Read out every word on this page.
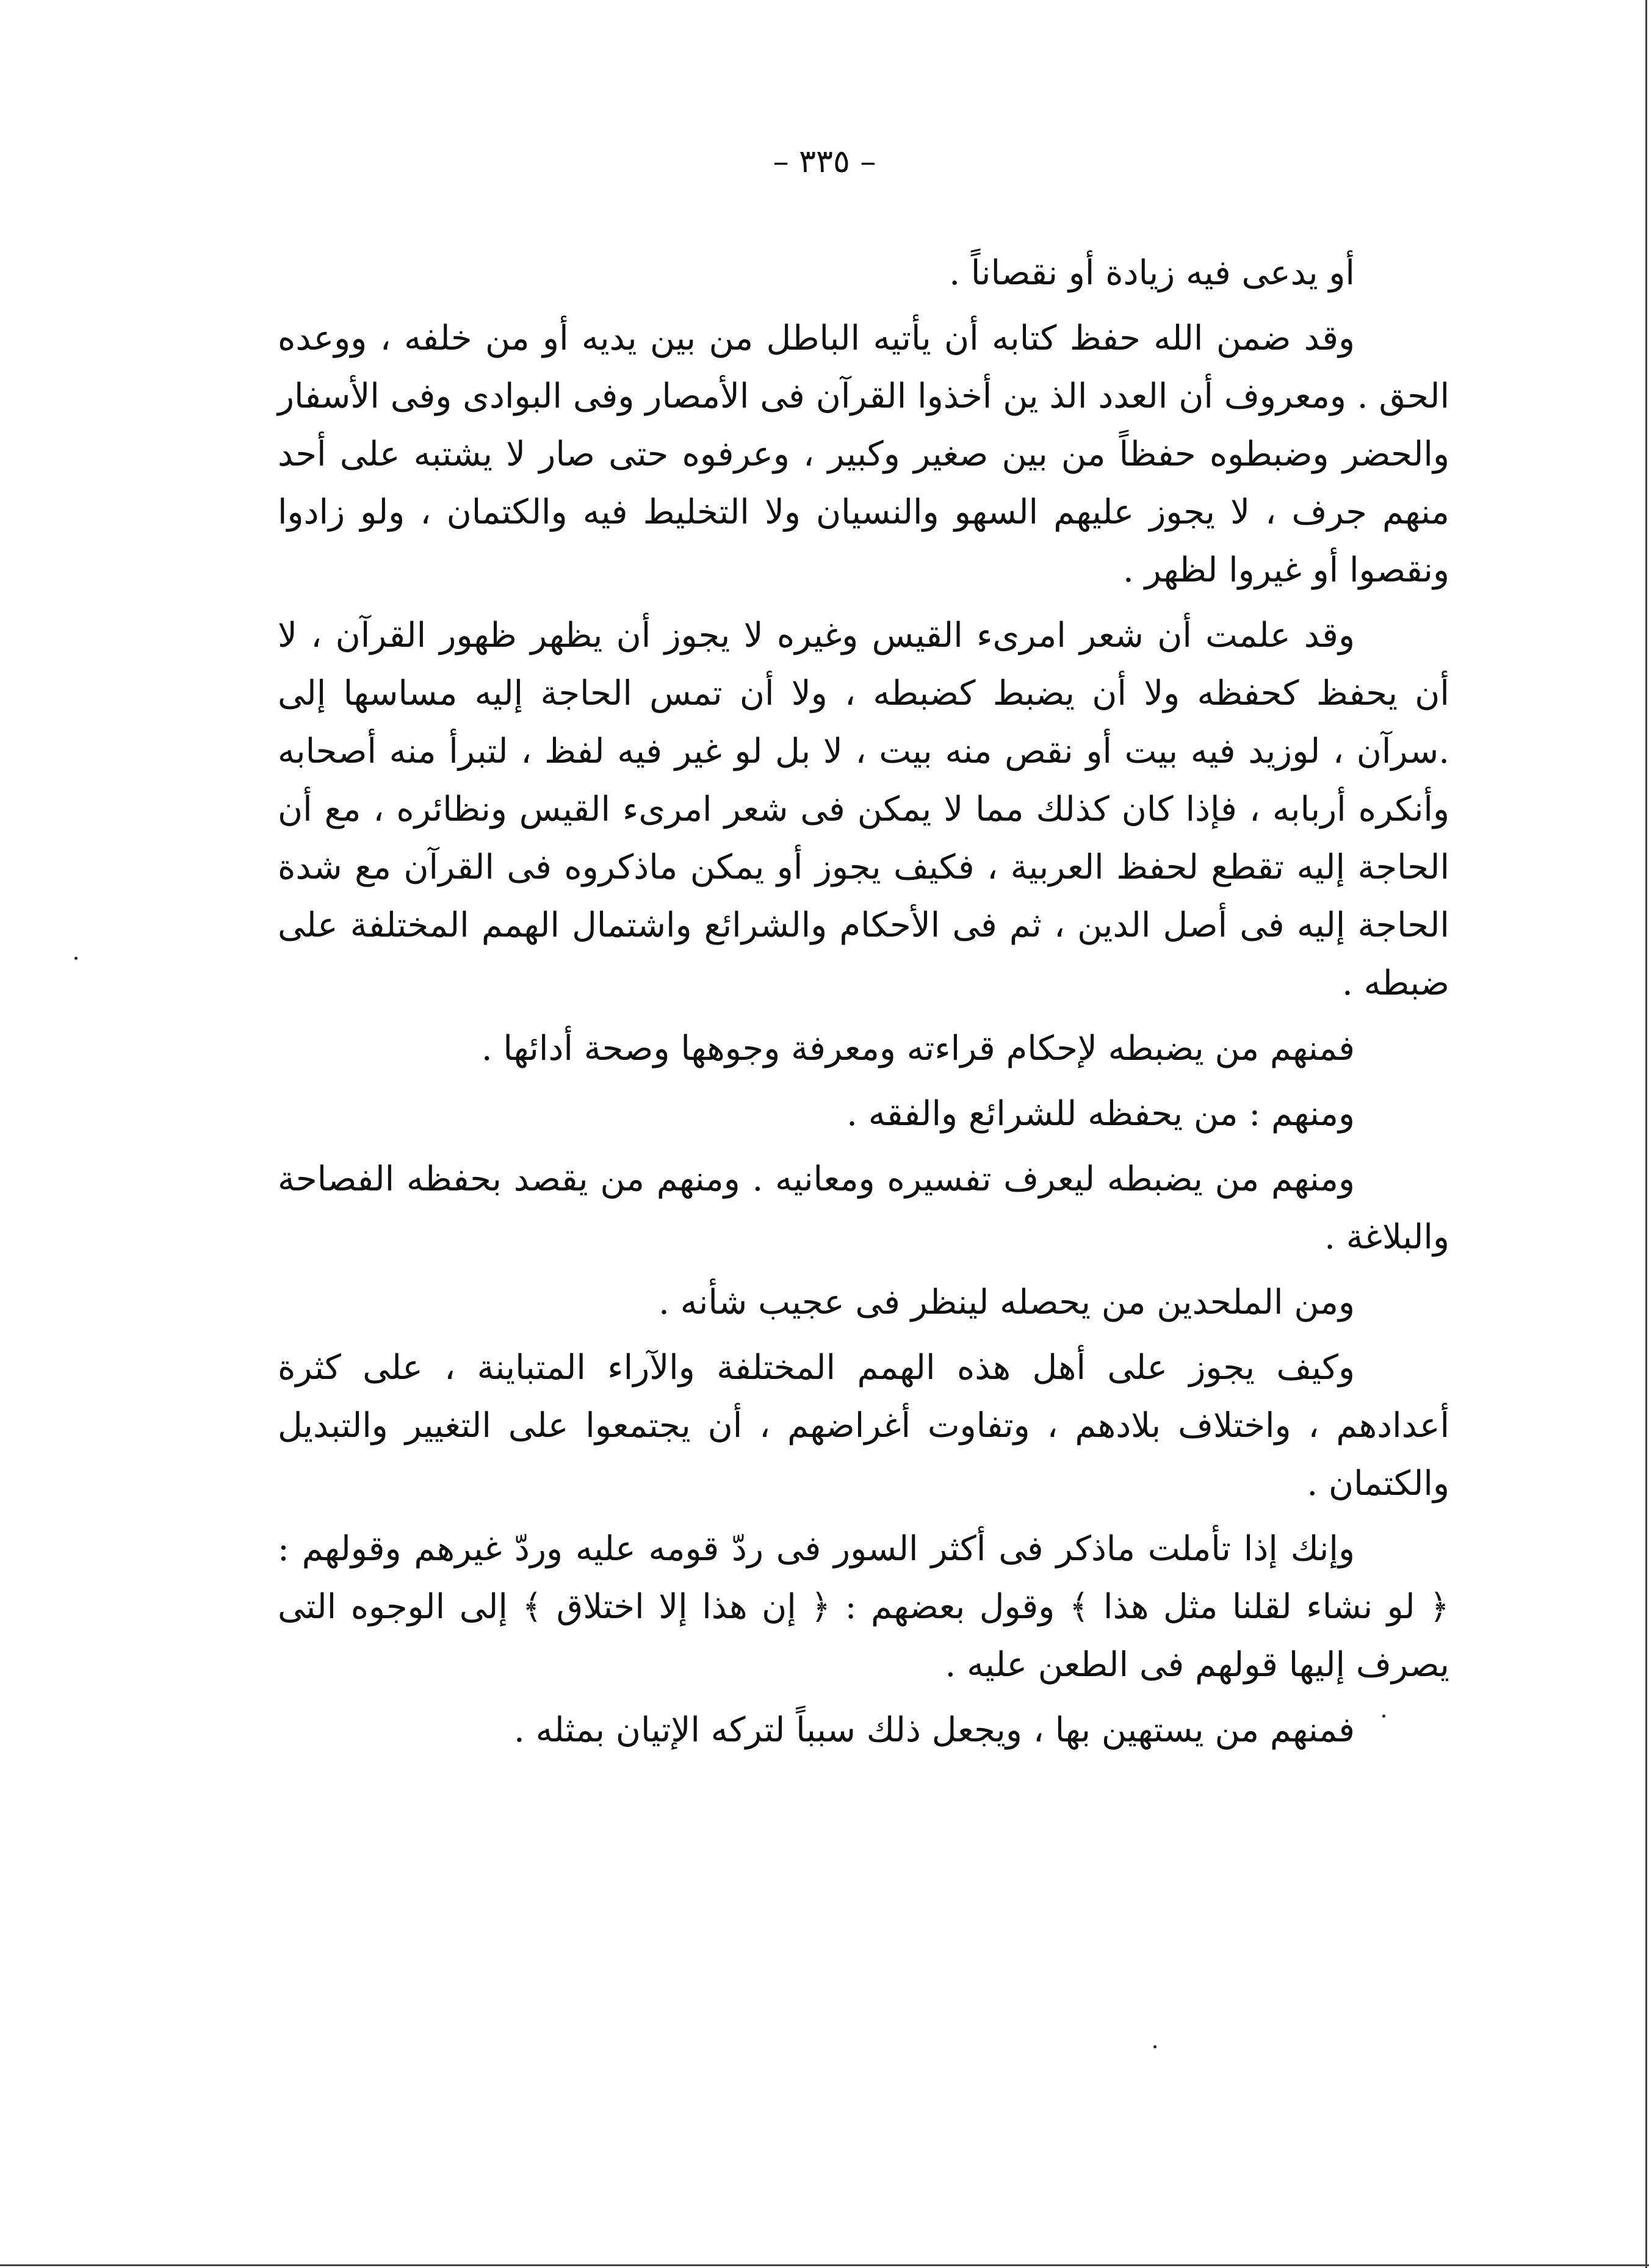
– ٣٣٥ –

أو يدعى فيه زيادة أو نقصاناً .

وقد ضمن الله حفظ كتابه أن يأتيه الباطل من بين يديه أو من خلفه ، ووعده الحق . ومعروف أن العدد الذ ين أخذوا القرآن فى الأمصار وفى البوادى وفى الأسفار والحضر وضبطوه حفظاً من بين صغير وكبير ، وعرفوه حتى صار لا يشتبه على أحد منهم جرف ، لا يجوز عليهم السهو والنسيان ولا التخليط فيه والكتمان ، ولو زادوا ونقصوا أو غيروا لظهر .

وقد علمت أن شعر امرىء القيس وغيره لا يجوز أن يظهر ظهور القرآن ، لا أن يحفظ كحفظه ولا أن يضبط كضبطه ، ولا أن تمس الحاجة إليه مساسها إلى .سرآن ، لوزيد فيه بيت أو نقص منه بيت ، لا بل لو غير فيه لفظ ، لتبرأ منه أصحابه وأنكره أربابه ، فإذا كان كذلك مما لا يمكن فى شعر امرىء القيس ونظائره ، مع أن الحاجة إليه تقطع لحفظ العربية ، فكيف يجوز أو يمكن ماذكروه فى القرآن مع شدة الحاجة إليه فى أصل الدين ، ثم فى الأحكام والشرائع واشتمال الهمم المختلفة على ضبطه .

فمنهم من يضبطه لإحكام قراءته ومعرفة وجوهها وصحة أدائها .

ومنهم : من يحفظه للشرائع والفقه .

ومنهم من يضبطه ليعرف تفسيره ومعانيه . ومنهم من يقصد بحفظه الفصاحة والبلاغة .

ومن الملحدين من يحصله لينظر فى عجيب شأنه .

وكيف يجوز على أهل هذه الهمم المختلفة والآراء المتباينة ، على كثرة أعدادهم ، واختلاف بلادهم ، وتفاوت أغراضهم ، أن يجتمعوا على التغيير والتبديل والكتمان .

وإنك إذا تأملت ماذكر فى أكثر السور فى ردّ قومه عليه وردّ غيرهم وقولهم : ﴿ لو نشاء لقلنا مثل هذا ﴾ وقول بعضهم : ﴿ إن هذا إلا اختلاق ﴾ إلى الوجوه التى يصرف إليها قولهم فى الطعن عليه .

فمنهم من يستهين بها ، ويجعل ذلك سبباً لتركه الإتيان بمثله .
